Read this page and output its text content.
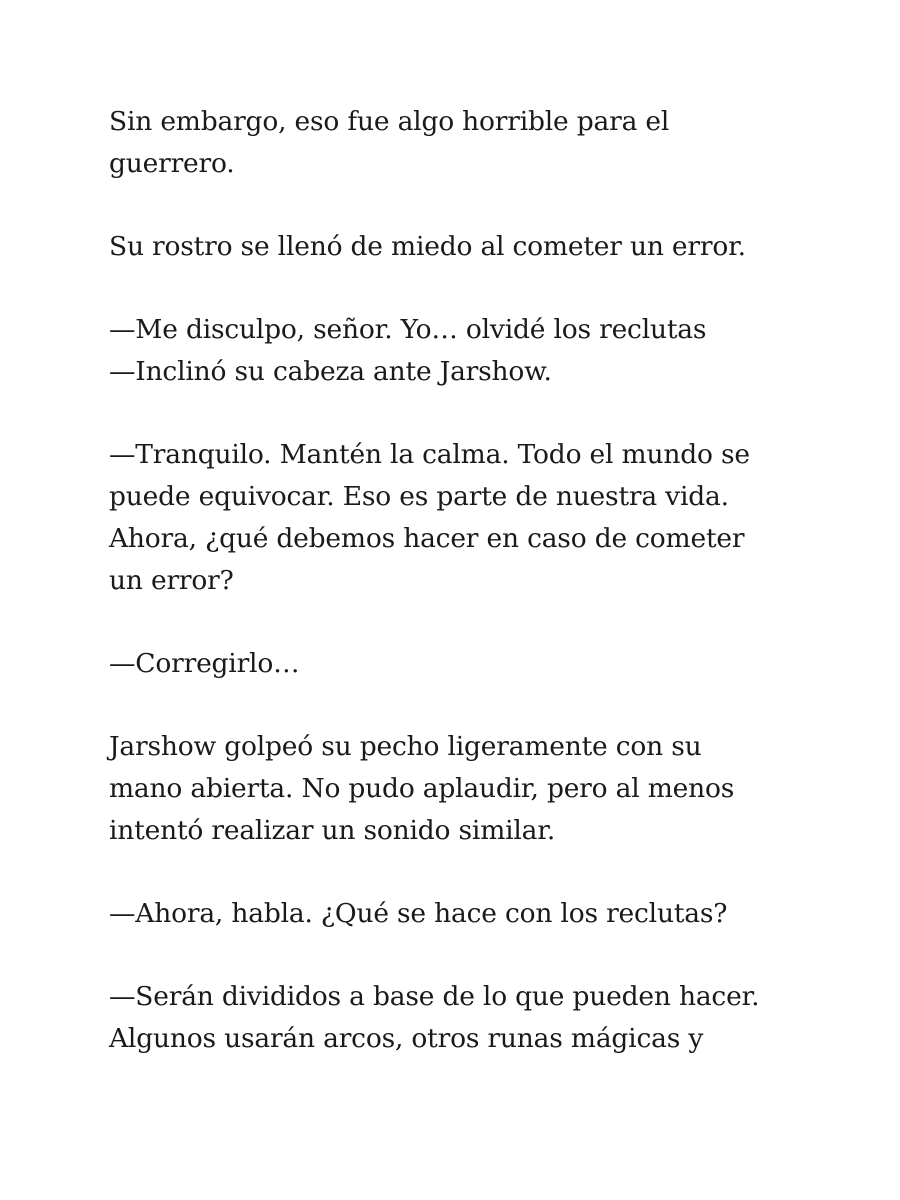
Sin embargo, eso fue algo horrible para el
guerrero.

Su rostro se llenó de miedo al cometer un error.

—Me disculpo, señor. Yo… olvidé los reclutas
—Inclinó su cabeza ante Jarshow.

—Tranquilo. Mantén la calma. Todo el mundo se
puede equivocar. Eso es parte de nuestra vida.
Ahora, ¿qué debemos hacer en caso de cometer
un error?

—Corregirlo…

Jarshow golpeó su pecho ligeramente con su
mano abierta. No pudo aplaudir, pero al menos
intentó realizar un sonido similar.

—Ahora, habla. ¿Qué se hace con los reclutas?

—Serán divididos a base de lo que pueden hacer.
Algunos usarán arcos, otros runas mágicas y
